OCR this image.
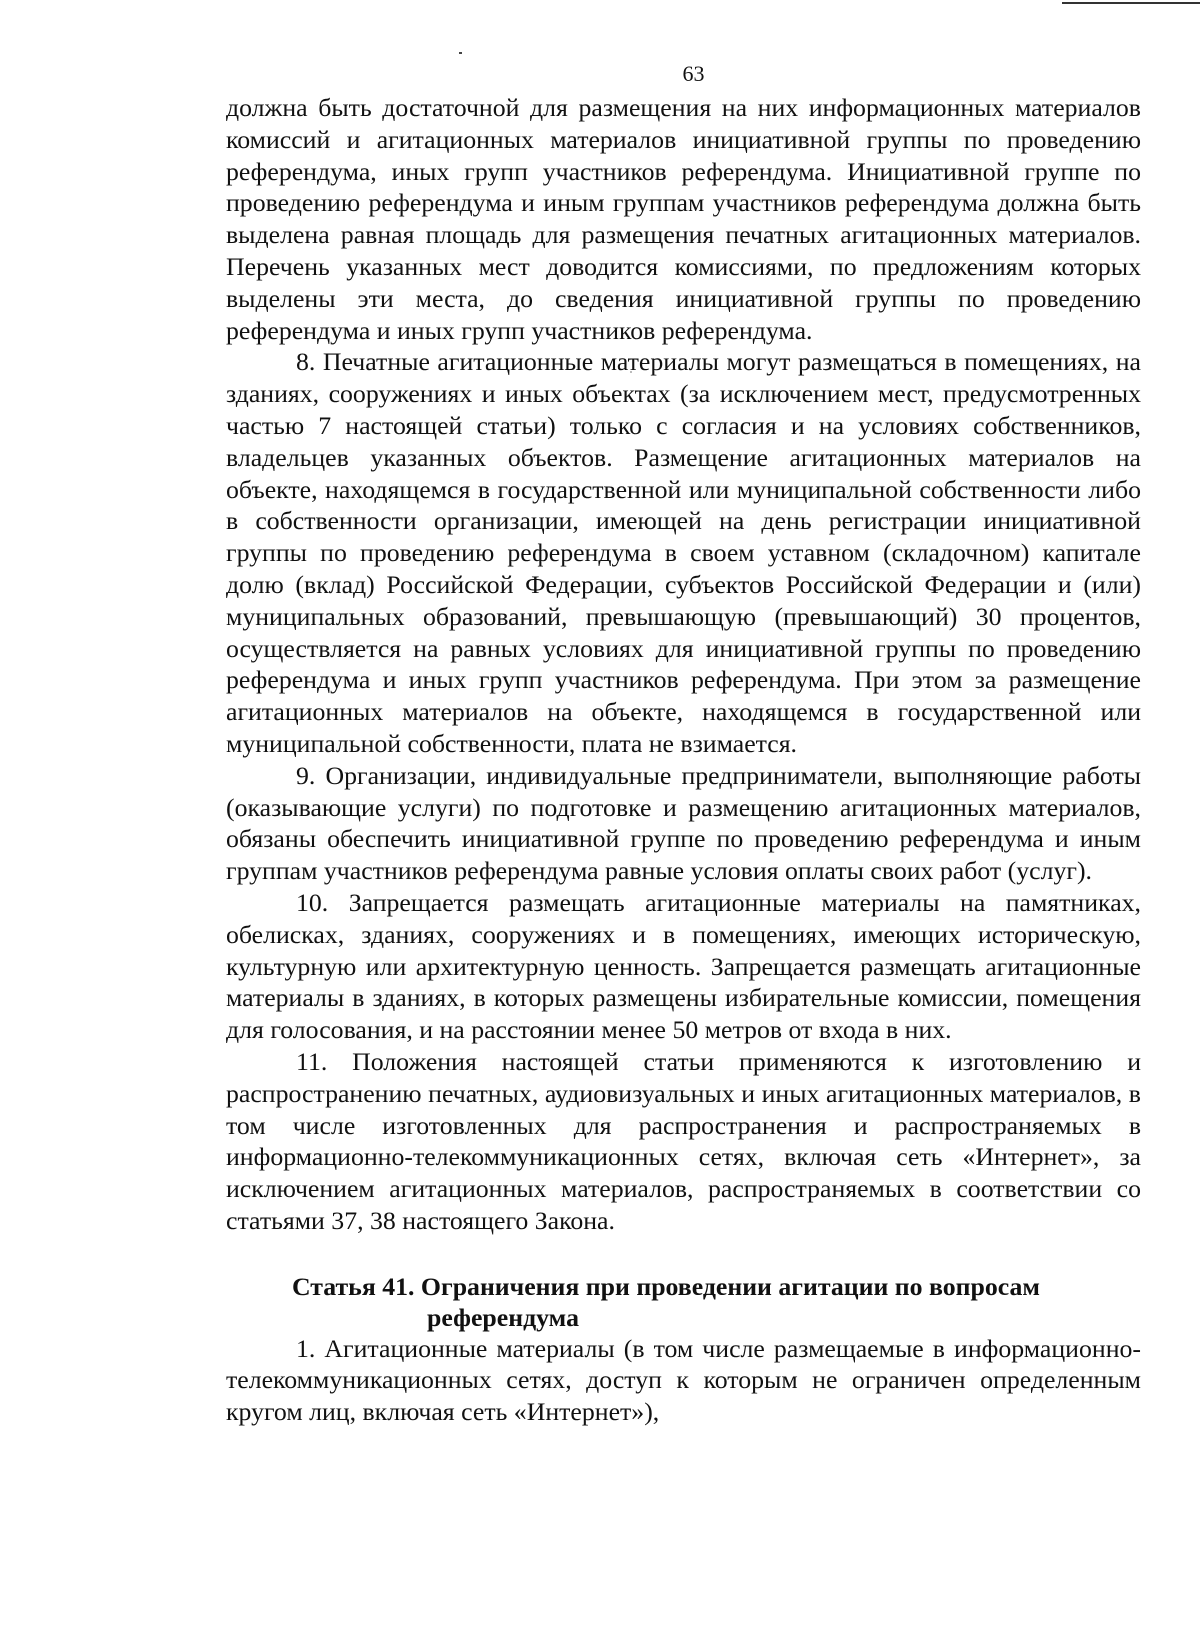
63

должна быть достаточной для размещения на них информационных материалов комиссий и агитационных материалов инициативной группы по проведению референдума, иных групп участников референдума. Инициативной группе по проведению референдума и иным группам участников референдума должна быть выделена равная площадь для размещения печатных агитационных материалов. Перечень указанных мест доводится комиссиями, по предложениям которых выделены эти места, до сведения инициативной группы по проведению референдума и иных групп участников референдума.

8. Печатные агитационные материалы могут размещаться в помещениях, на зданиях, сооружениях и иных объектах (за исключением мест, предусмотренных частью 7 настоящей статьи) только с согласия и на условиях собственников, владельцев указанных объектов. Размещение агитационных материалов на объекте, находящемся в государственной или муниципальной собственности либо в собственности организации, имеющей на день регистрации инициативной группы по проведению референдума в своем уставном (складочном) капитале долю (вклад) Российской Федерации, субъектов Российской Федерации и (или) муниципальных образований, превышающую (превышающий) 30 процентов, осуществляется на равных условиях для инициативной группы по проведению референдума и иных групп участников референдума. При этом за размещение агитационных материалов на объекте, находящемся в государственной или муниципальной собственности, плата не взимается.

9. Организации, индивидуальные предприниматели, выполняющие работы (оказывающие услуги) по подготовке и размещению агитационных материалов, обязаны обеспечить инициативной группе по проведению референдума и иным группам участников референдума равные условия оплаты своих работ (услуг).

10. Запрещается размещать агитационные материалы на памятниках, обелисках, зданиях, сооружениях и в помещениях, имеющих историческую, культурную или архитектурную ценность. Запрещается размещать агитационные материалы в зданиях, в которых размещены избирательные комиссии, помещения для голосования, и на расстоянии менее 50 метров от входа в них.

11. Положения настоящей статьи применяются к изготовлению и распространению печатных, аудиовизуальных и иных агитационных материалов, в том числе изготовленных для распространения и распространяемых в информационно-телекоммуникационных сетях, включая сеть «Интернет», за исключением агитационных материалов, распространяемых в соответствии со статьями 37, 38 настоящего Закона.

Статья 41. Ограничения при проведении агитации по вопросам
референдума

1. Агитационные материалы (в том числе размещаемые в информационно-телекоммуникационных сетях, доступ к которым не ограничен определенным кругом лиц, включая сеть «Интернет»),
